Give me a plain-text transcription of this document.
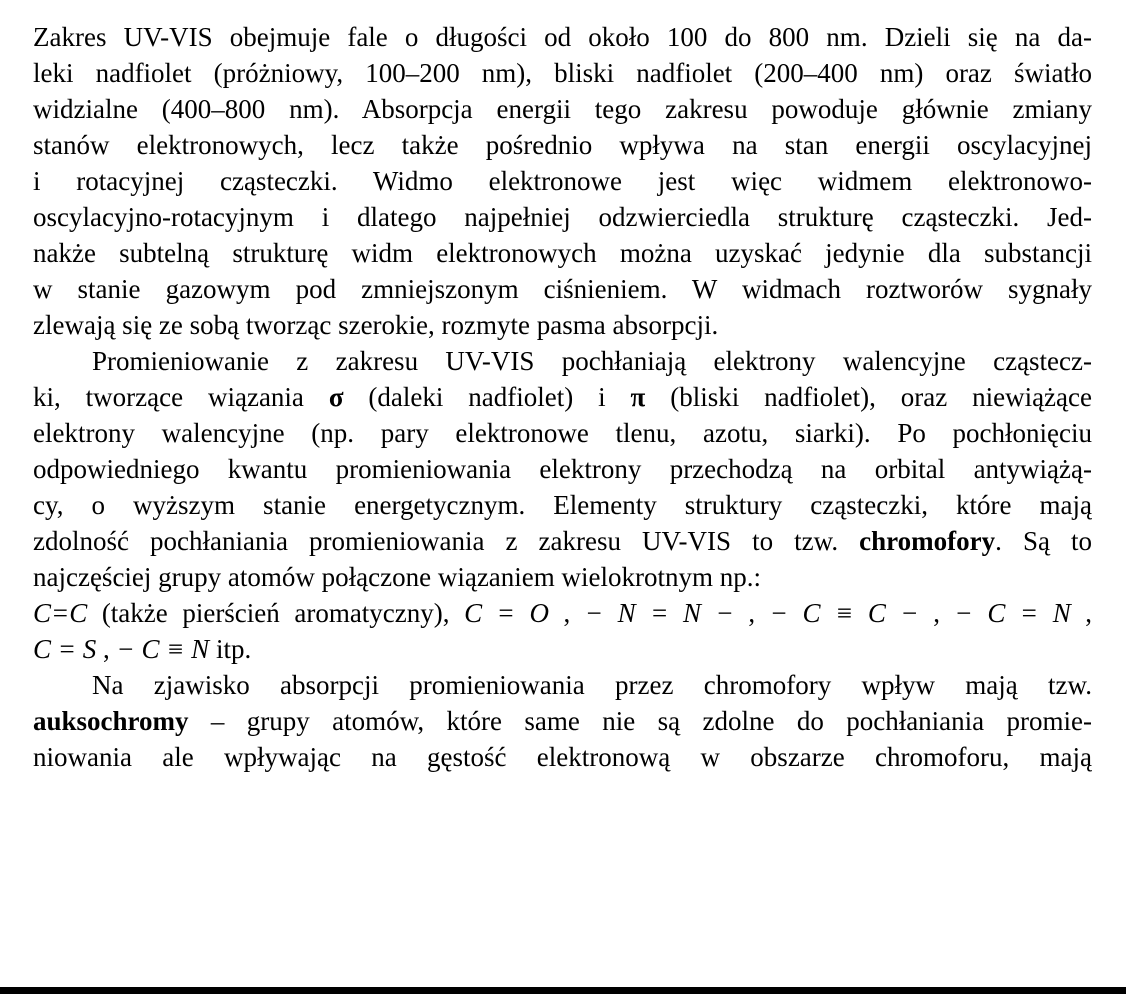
Zakres UV-VIS obejmuje fale o długości od około 100 do 800 nm. Dzieli się na da-
leki nadfiolet (próżniowy, 100–200 nm), bliski nadfiolet (200–400 nm) oraz światło
widzialne (400–800 nm). Absorpcja energii tego zakresu powoduje głównie zmiany
stanów elektronowych, lecz także pośrednio wpływa na stan energii oscylacyjnej
i rotacyjnej cząsteczki. Widmo elektronowe jest więc widmem elektronowo-
oscylacyjno-rotacyjnym i dlatego najpełniej odzwierciedla strukturę cząsteczki. Jed-
nakże subtelną strukturę widm elektronowych można uzyskać jedynie dla substancji
w stanie gazowym pod zmniejszonym ciśnieniem. W widmach roztworów sygnały
zlewają się ze sobą tworząc szerokie, rozmyte pasma absorpcji.
Promieniowanie z zakresu UV-VIS pochłaniają elektrony walencyjne cząstecz-
ki, tworzące wiązania σ (daleki nadfiolet) i π (bliski nadfiolet), oraz niewiążące
elektrony walencyjne (np. pary elektronowe tlenu, azotu, siarki). Po pochłonięciu
odpowiedniego kwantu promieniowania elektrony przechodzą na orbital antywiążą-
cy, o wyższym stanie energetycznym. Elementy struktury cząsteczki, które mają
zdolność pochłaniania promieniowania z zakresu UV-VIS to tzw. chromofory. Są to
najczęściej grupy atomów połączone wiązaniem wielokrotnym np.:
C=C (także pierścień aromatyczny), C = O , − N = N − , − C ≡ C − , − C = N ,
C = S , − C ≡ N itp.
Na zjawisko absorpcji promieniowania przez chromofory wpływ mają tzw.
auksochromy – grupy atomów, które same nie są zdolne do pochłaniania promie-
niowania ale wpływając na gęstość elektronową w obszarze chromoforu, mają
